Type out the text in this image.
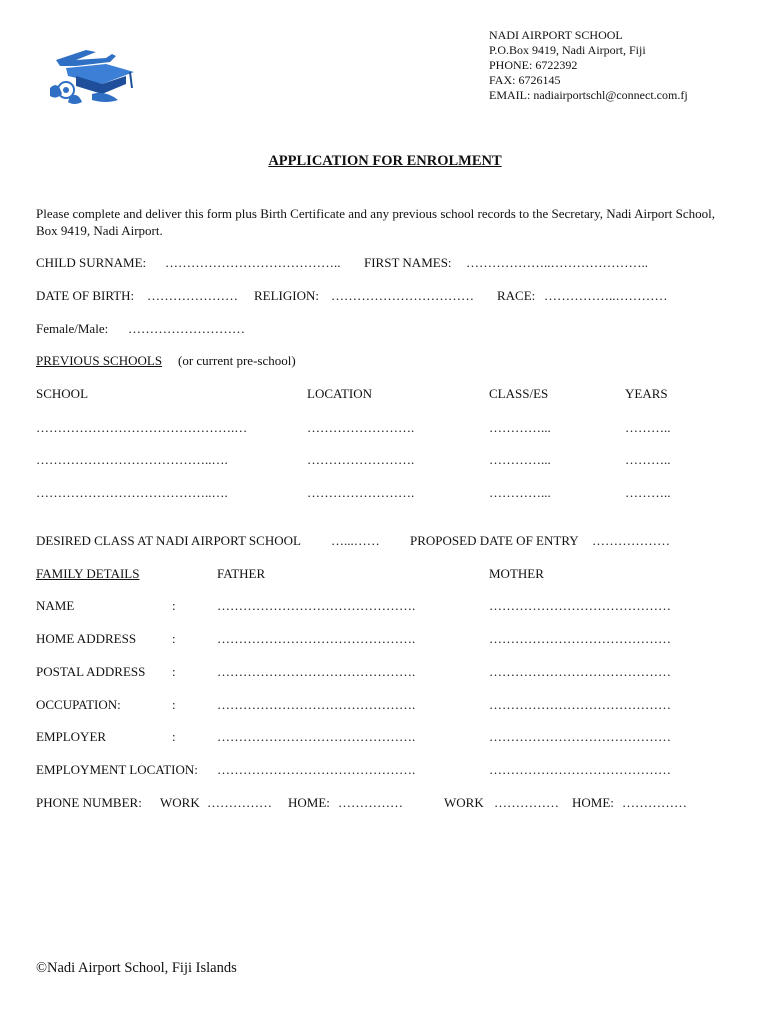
NADI AIRPORT SCHOOL
P.O.Box 9419, Nadi Airport, Fiji
PHONE: 6722392
FAX: 6726145
EMAIL: nadiairportschl@connect.com.fj
APPLICATION FOR ENROLMENT
Please complete and deliver this form plus Birth Certificate and any previous school records to the Secretary, Nadi Airport School, Box 9419, Nadi Airport.
CHILD SURNAME: ………………………………….. FIRST NAMES: ………………..…………………..
DATE OF BIRTH: ………………… RELIGION: …………………………… RACE: ……………..…………
Female/Male: ………………………
PREVIOUS SCHOOLS (or current pre-school)
SCHOOL	LOCATION	CLASS/ES	YEARS
……………………………………….…	…………………….	…………...	………..
…………………………………..….	…………………….	…………...	………..
…………………………………..….	…………………….	…………...	………..
DESIRED CLASS AT NADI AIRPORT SCHOOL …...…… PROPOSED DATE OF ENTRY ………………
FAMILY DETAILS	FATHER	MOTHER
NAME	:	……………………………………….	……………………………………
HOME ADDRESS	:	……………………………………….	……………………………………
POSTAL ADDRESS :	……………………………………….	……………………………………
OCCUPATION:	:	……………………………………….	……………………………………
EMPLOYER	:	……………………………………….	……………………………………
EMPLOYMENT LOCATION: ……………………………………….	……………………………………
PHONE NUMBER: WORK …………… HOME: ……………	WORK …………… HOME: ……………
©Nadi Airport School, Fiji Islands
